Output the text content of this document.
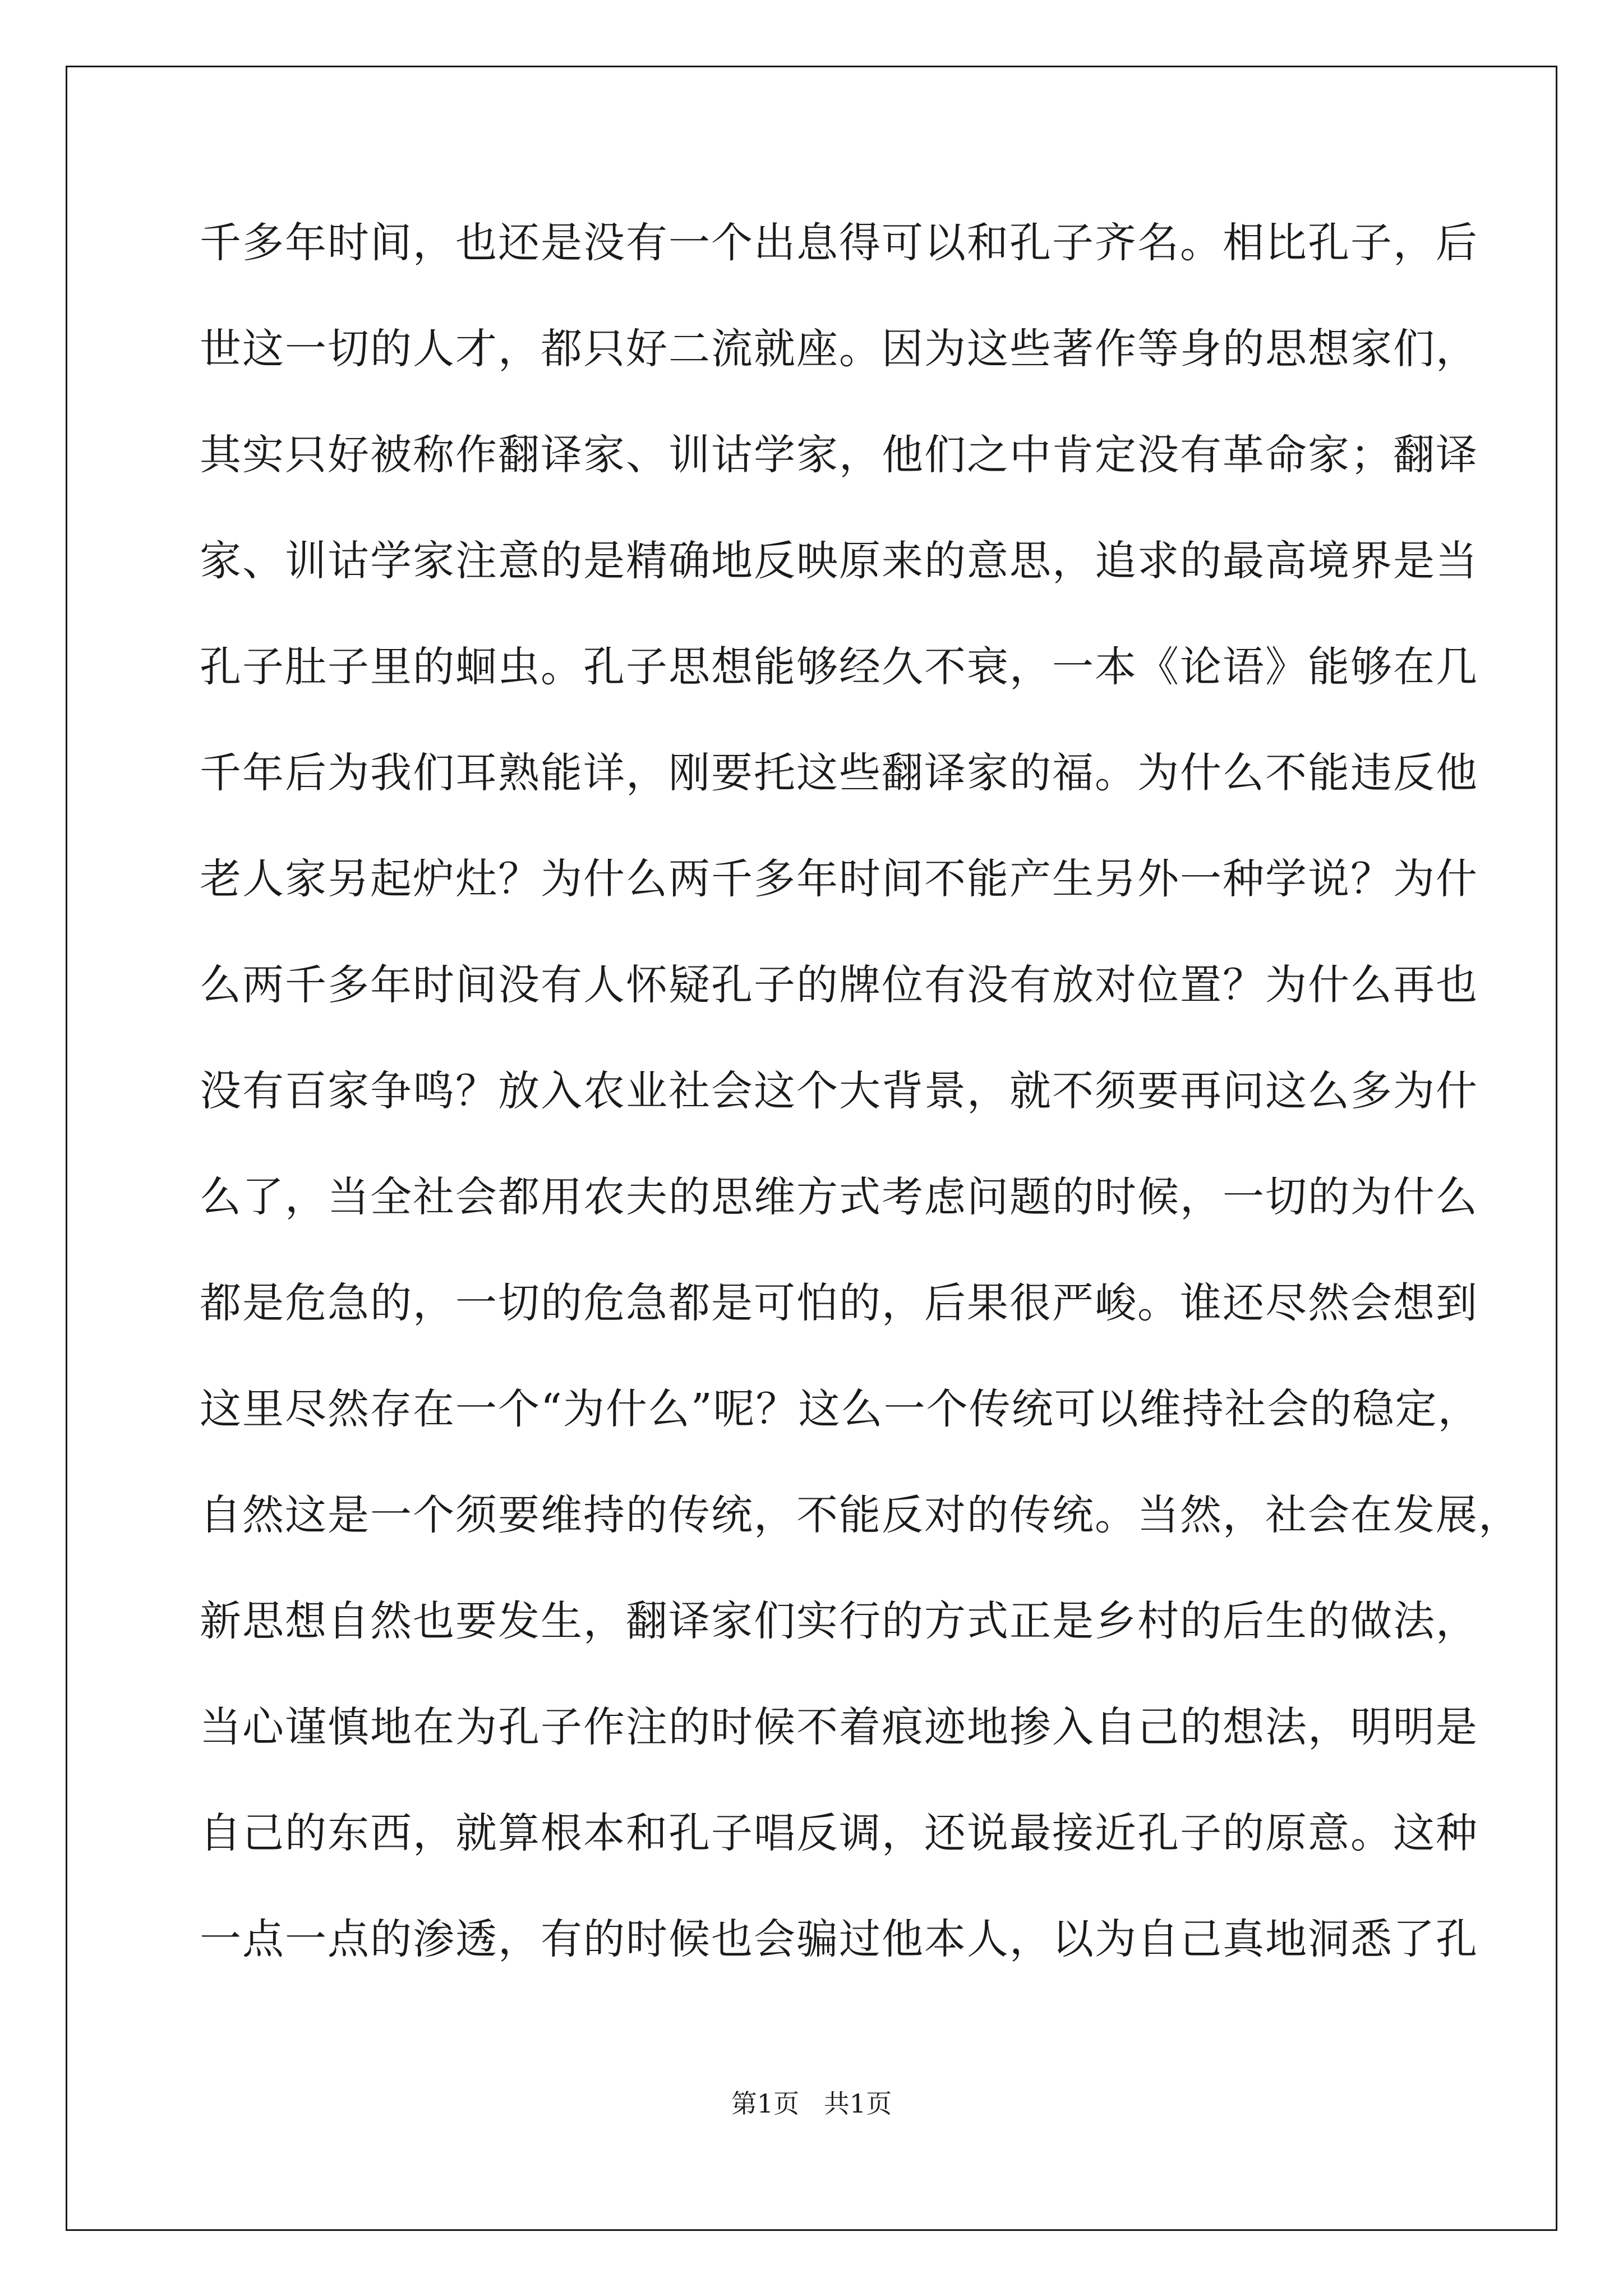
千多年时间，也还是没有一个出息得可以和孔子齐名。相比孔子，后
世这一切的人才，都只好二流就座。因为这些著作等身的思想家们，
其实只好被称作翻译家、训诂学家，他们之中肯定没有革命家；翻译
家、训诂学家注意的是精确地反映原来的意思，追求的最高境界是当
孔子肚子里的蛔虫。孔子思想能够经久不衰，一本《论语》能够在几
千年后为我们耳熟能详，刚要托这些翻译家的福。为什么不能违反他
老人家另起炉灶？为什么两千多年时间不能产生另外一种学说？为什
么两千多年时间没有人怀疑孔子的牌位有没有放对位置？为什么再也
没有百家争鸣？放入农业社会这个大背景，就不须要再问这么多为什
么了，当全社会都用农夫的思维方式考虑问题的时候，一切的为什么
都是危急的，一切的危急都是可怕的，后果很严峻。谁还尽然会想到
这里尽然存在一个“为什么”呢？这么一个传统可以维持社会的稳定，
自然这是一个须要维持的传统，不能反对的传统。当然，社会在发展，
新思想自然也要发生，翻译家们实行的方式正是乡村的后生的做法，
当心谨慎地在为孔子作注的时候不着痕迹地掺入自己的想法，明明是
自己的东西，就算根本和孔子唱反调，还说最接近孔子的原意。这种
一点一点的渗透，有的时候也会骗过他本人，以为自己真地洞悉了孔
第1页   共1页
